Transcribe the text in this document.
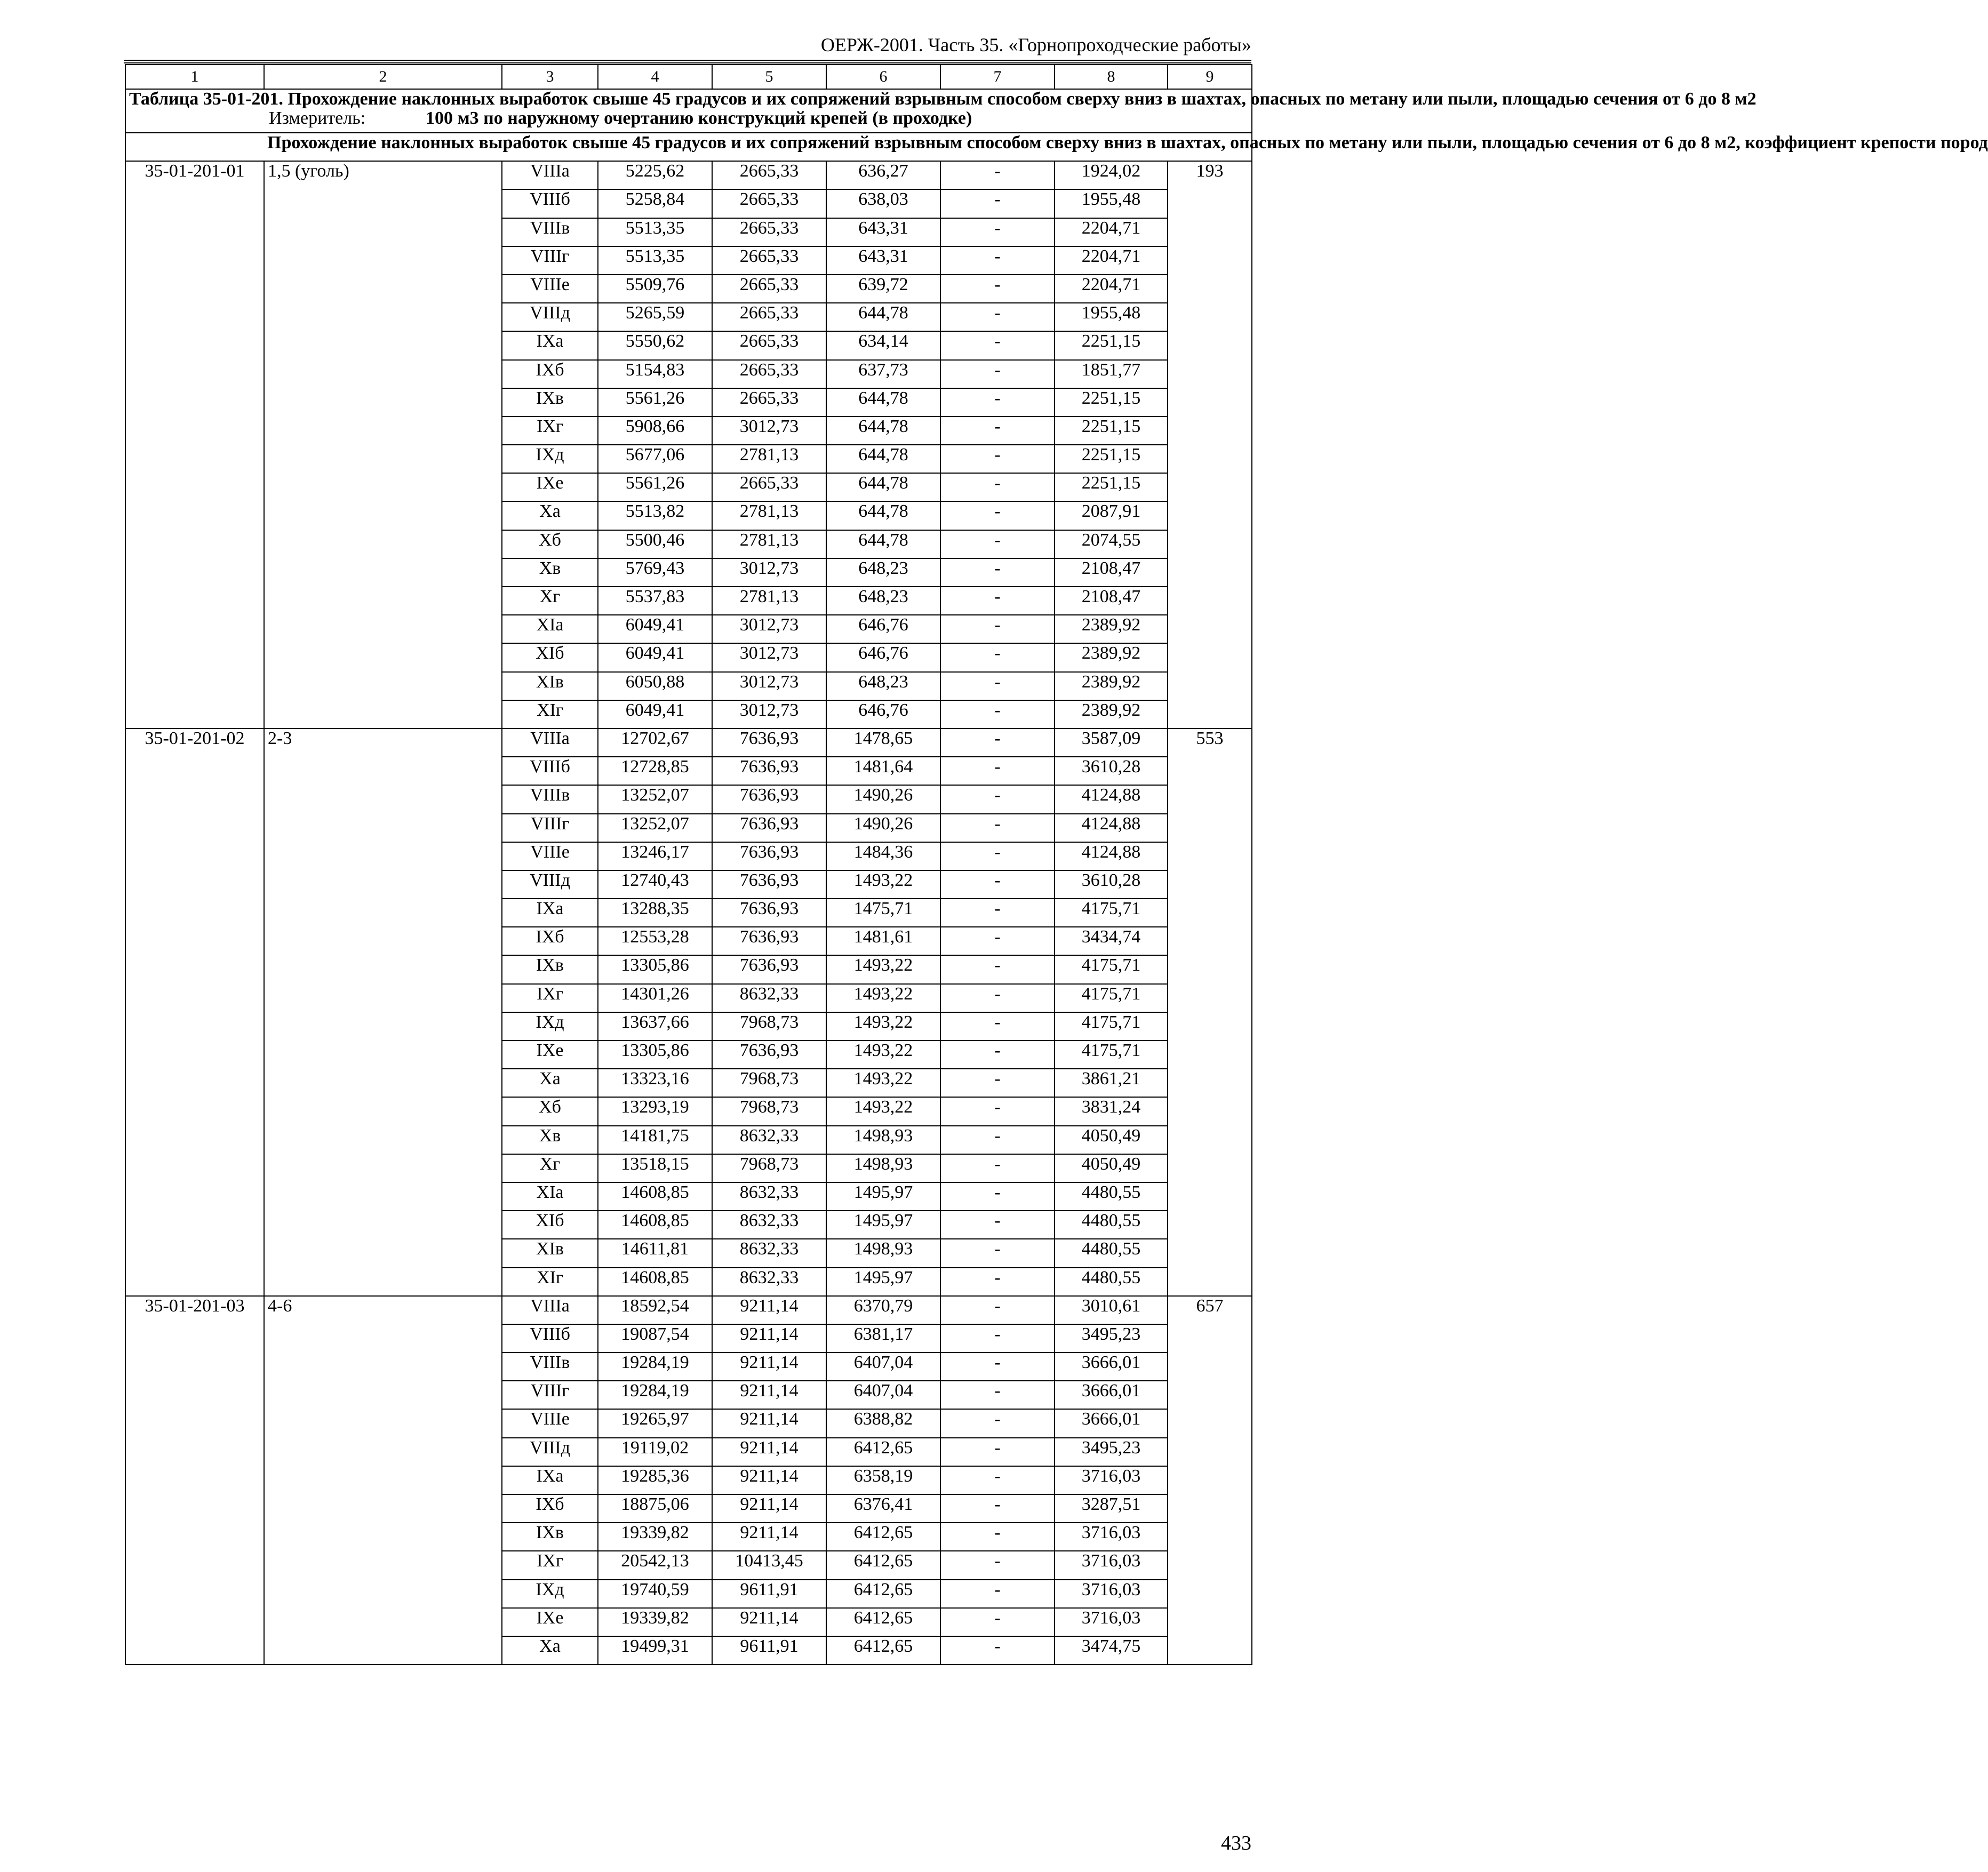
ОЕРЖ-2001. Часть 35. «Горнопроходческие работы»
1	2	3	4	5	6	7	8	9
Таблица 35-01-201. Прохождение наклонных выработок свыше 45 градусов и их сопряжений взрывным способом сверху вниз в шахтах, опасных по метану или пыли, площадью сечения от 6 до 8 м2								

Измеритель: 100 м3 по наружному очертанию конструкций крепей (в проходке)								

	Прохождение наклонных выработок свыше 45 градусов и их сопряжений взрывным способом сверху вниз в шахтах, опасных по метану или пыли, площадью сечения от 6 до 8 м2, коэффициент крепости пород							
35-01-201-01	1,5 (уголь)	VIIIа	5225,62	2665,33	636,27	-	1924,02	193
		VIIIб	5258,84	2665,33	638,03	-	1955,48	
		VIIIв	5513,35	2665,33	643,31	-	2204,71	
		VIIIг	5513,35	2665,33	643,31	-	2204,71	
		VIIIе	5509,76	2665,33	639,72	-	2204,71	
		VIIIд	5265,59	2665,33	644,78	-	1955,48	
		IXа	5550,62	2665,33	634,14	-	2251,15	
		IXб	5154,83	2665,33	637,73	-	1851,77	
		IXв	5561,26	2665,33	644,78	-	2251,15	
		IXг	5908,66	3012,73	644,78	-	2251,15	
		IXд	5677,06	2781,13	644,78	-	2251,15	
		IXе	5561,26	2665,33	644,78	-	2251,15	
		Xа	5513,82	2781,13	644,78	-	2087,91	
		Xб	5500,46	2781,13	644,78	-	2074,55	
		Xв	5769,43	3012,73	648,23	-	2108,47	
		Xг	5537,83	2781,13	648,23	-	2108,47	
		XIа	6049,41	3012,73	646,76	-	2389,92	
		XIб	6049,41	3012,73	646,76	-	2389,92	
		XIв	6050,88	3012,73	648,23	-	2389,92	
		XIг	6049,41	3012,73	646,76	-	2389,92	
35-01-201-02	2-3	VIIIа	12702,67	7636,93	1478,65	-	3587,09	553
		VIIIб	12728,85	7636,93	1481,64	-	3610,28	
		VIIIв	13252,07	7636,93	1490,26	-	4124,88	
		VIIIг	13252,07	7636,93	1490,26	-	4124,88	
		VIIIе	13246,17	7636,93	1484,36	-	4124,88	
		VIIIд	12740,43	7636,93	1493,22	-	3610,28	
		IXа	13288,35	7636,93	1475,71	-	4175,71	
		IXб	12553,28	7636,93	1481,61	-	3434,74	
		IXв	13305,86	7636,93	1493,22	-	4175,71	
		IXг	14301,26	8632,33	1493,22	-	4175,71	
		IXд	13637,66	7968,73	1493,22	-	4175,71	
		IXе	13305,86	7636,93	1493,22	-	4175,71	
		Xа	13323,16	7968,73	1493,22	-	3861,21	
		Xб	13293,19	7968,73	1493,22	-	3831,24	
		Xв	14181,75	8632,33	1498,93	-	4050,49	
		Xг	13518,15	7968,73	1498,93	-	4050,49	
		XIа	14608,85	8632,33	1495,97	-	4480,55	
		XIб	14608,85	8632,33	1495,97	-	4480,55	
		XIв	14611,81	8632,33	1498,93	-	4480,55	
		XIг	14608,85	8632,33	1495,97	-	4480,55	
35-01-201-03	4-6	VIIIа	18592,54	9211,14	6370,79	-	3010,61	657
		VIIIб	19087,54	9211,14	6381,17	-	3495,23	
		VIIIв	19284,19	9211,14	6407,04	-	3666,01	
		VIIIг	19284,19	9211,14	6407,04	-	3666,01	
		VIIIе	19265,97	9211,14	6388,82	-	3666,01	
		VIIIд	19119,02	9211,14	6412,65	-	3495,23	
		IXа	19285,36	9211,14	6358,19	-	3716,03	
		IXб	18875,06	9211,14	6376,41	-	3287,51	
		IXв	19339,82	9211,14	6412,65	-	3716,03	
		IXг	20542,13	10413,45	6412,65	-	3716,03	
		IXд	19740,59	9611,91	6412,65	-	3716,03	
		IXе	19339,82	9211,14	6412,65	-	3716,03	
		Xа	19499,31	9611,91	6412,65	-	3474,75	
433
